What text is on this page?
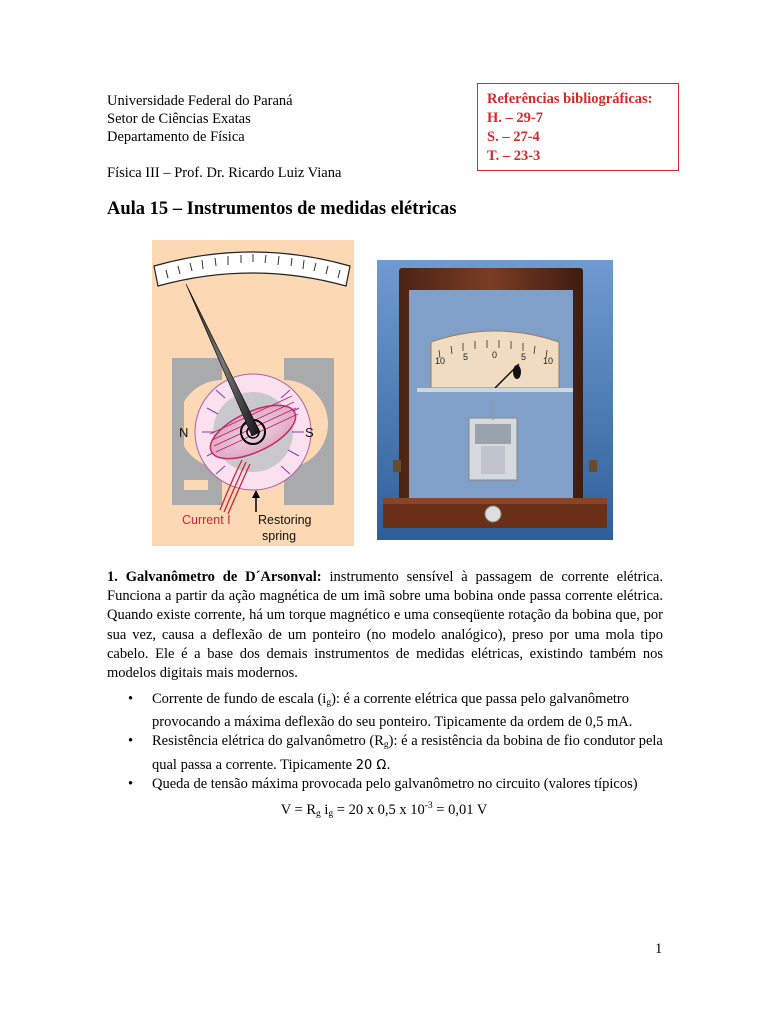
Universidade Federal do Paraná
Setor de Ciências Exatas
Departamento de Física
Física III – Prof. Dr. Ricardo Luiz Viana
Referências bibliográficas:
H. – 29-7
S. – 27-4
T. – 23-3
Aula 15 – Instrumentos de medidas elétricas
N	S
Current I Restoring
spring
10 5	0	5 10
1. Galvanômetro de D´Arsonval: instrumento sensível à passagem de corrente elétrica. Funciona a partir da ação magnética de um imã sobre uma bobina onde passa corrente elétrica. Quando existe corrente, há um torque magnético e uma conseqüente rotação da bobina que, por sua vez, causa a deflexão de um ponteiro (no modelo analógico), preso por uma mola tipo cabelo. Ele é a base dos demais instrumentos de medidas elétricas, existindo também nos modelos digitais mais modernos.
• Corrente de fundo de escala $(i_g)$: é a corrente elétrica que passa pelo galvanômetro provocando a máxima deflexão do seu ponteiro. Tipicamente da ordem de 0,5 mA.
• Resistência elétrica do galvanômetro $(R_g)$: é a resistência da bobina de fio condutor pela qual passa a corrente. Tipicamente 20 Ω.
• Queda de tensão máxima provocada pelo galvanômetro no circuito (valores típicos)
$V = R_g$ $i_g = 20$ x 0,5 x $10^{-3} = 0,01$ V
1
